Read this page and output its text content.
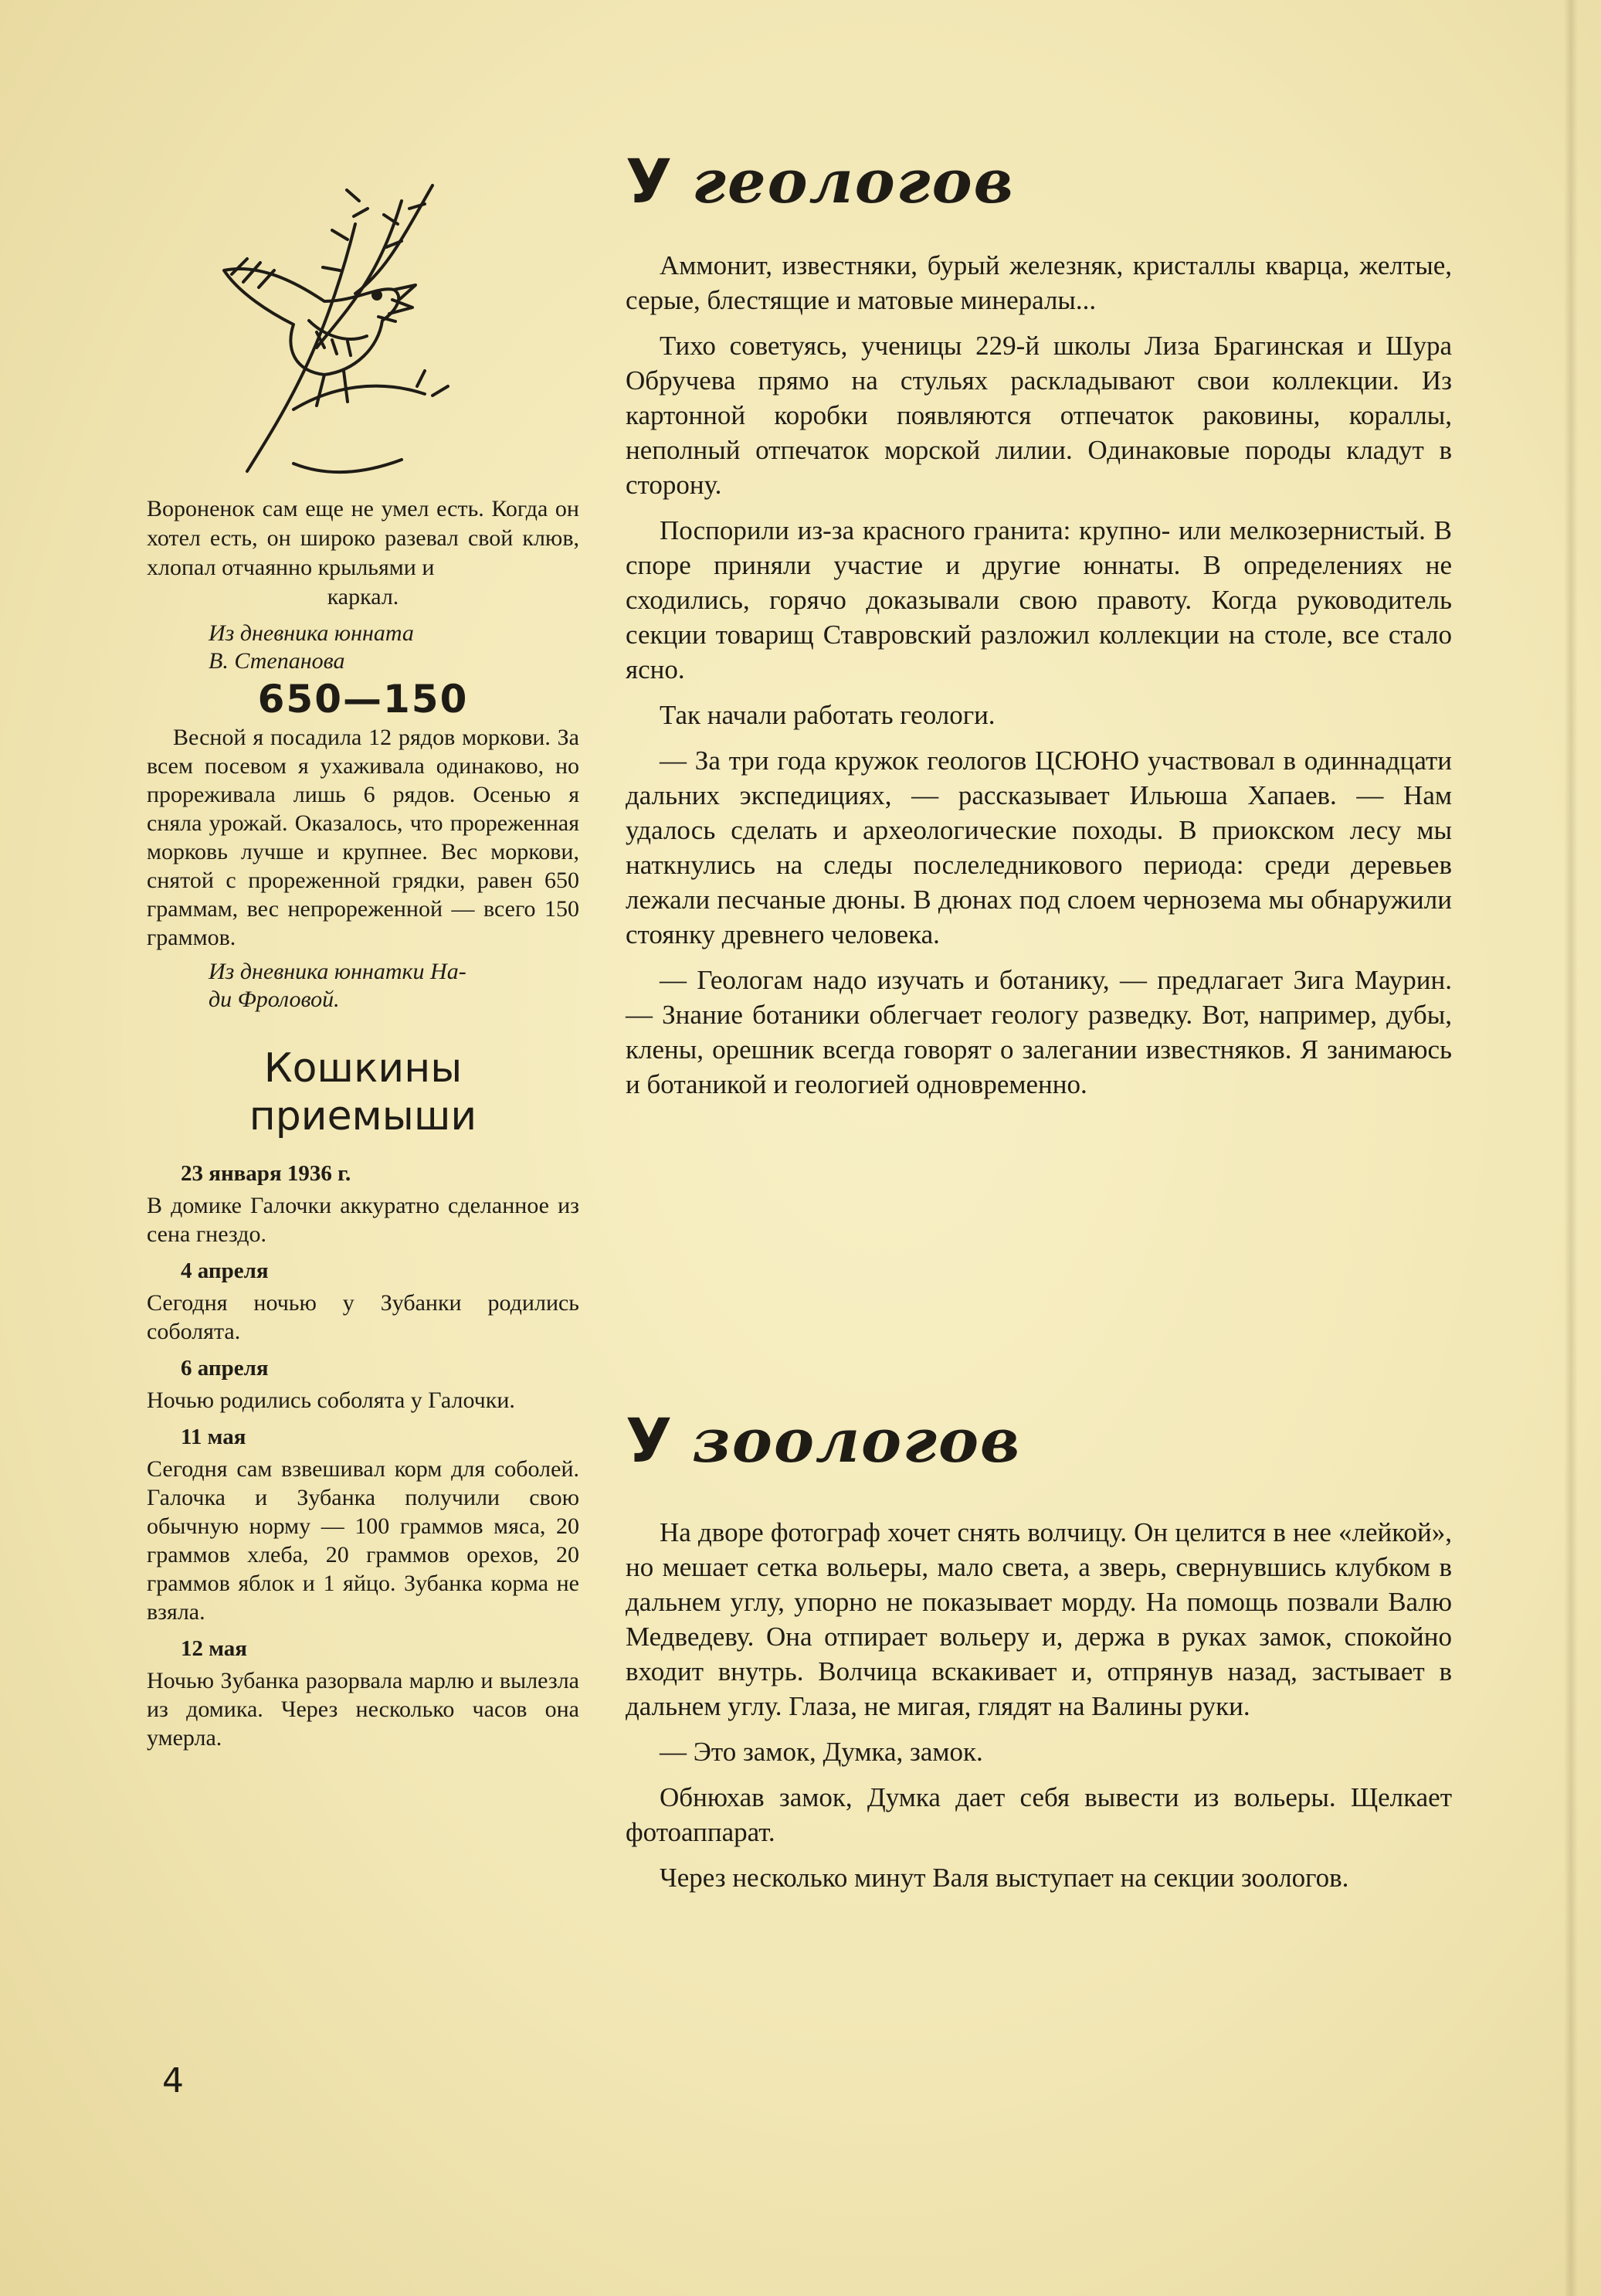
Вороненок сам еще не умел есть. Когда он хотел есть, он широко разевал свой клюв, хлопал отчаянно крыльями и
каркал.
Из дневника юнната
В. Степанова
650—150

Весной я посадила 12 рядов моркови. За всем посевом я ухаживала одинаково, но прореживала лишь 6 рядов. Осенью я сняла урожай. Оказалось, что прореженная морковь лучше и крупнее. Вес моркови, снятой с прореженной грядки, равен 650 граммам, вес непрореженной — всего 150 граммов.

Из дневника юннатки На-
ди Фроловой.
Кошкины
приемыши
23 января 1936 г.

В домике Галочки аккуратно сделанное из сена гнездо.

4 апреля

Сегодня ночью у Зубанки родились соболята.

6 апреля

Ночью родились соболята у Галочки.

11 мая

Сегодня сам взвешивал корм для соболей. Галочка и Зубанка получили свою обычную норму — 100 граммов мяса, 20 граммов хлеба, 20 граммов орехов, 20 граммов яблок и 1 яйцо. Зубанка корма не взяла.

12 мая

Ночью Зубанка разорвала марлю и вылезла из домика. Через несколько часов она умерла.

У геологов

Аммонит, известняки, бурый железняк, кристаллы кварца, желтые, серые, блестящие и матовые минералы...

Тихо советуясь, ученицы 229-й школы Лиза Брагинская и Шура Обручева прямо на стульях раскладывают свои коллекции. Из картонной коробки появляются отпечаток раковины, кораллы, неполный отпечаток морской лилии. Одинаковые породы кладут в сторону.

Поспорили из-за красного гранита: крупно- или мелкозернистый. В споре приняли участие и другие юннаты. В определениях не сходились, горячо доказывали свою правоту. Когда руководитель секции товарищ Ставровский разложил коллекции на столе, все стало ясно.

Так начали работать геологи.

— За три года кружок геологов ЦСЮНО участвовал в одиннадцати дальних экспедициях, — рассказывает Ильюша Хапаев. — Нам удалось сделать и археологические походы. В приокском лесу мы наткнулись на следы послеледникового периода: среди деревьев лежали песчаные дюны. В дюнах под слоем чернозема мы обнаружили стоянку древнего человека.

— Геологам надо изучать и ботанику, — предлагает Зига Маурин. — Знание ботаники облегчает геологу разведку. Вот, например, дубы, клены, орешник всегда говорят о залегании известняков. Я занимаюсь и ботаникой и геологией одновременно.

У зоологов

На дворе фотограф хочет снять волчицу. Он целится в нее «лейкой», но мешает сетка вольеры, мало света, а зверь, свернувшись клубком в дальнем углу, упорно не показывает морду. На помощь позвали Валю Медведеву. Она отпирает вольеру и, держа в руках замок, спокойно входит внутрь. Волчица вскакивает и, отпрянув назад, застывает в дальнем углу. Глаза, не мигая, глядят на Валины руки.

— Это замок, Думка, замок.

Обнюхав замок, Думка дает себя вывести из вольеры. Щелкает фотоаппарат.

Через несколько минут Валя выступает на секции зоологов.

4
